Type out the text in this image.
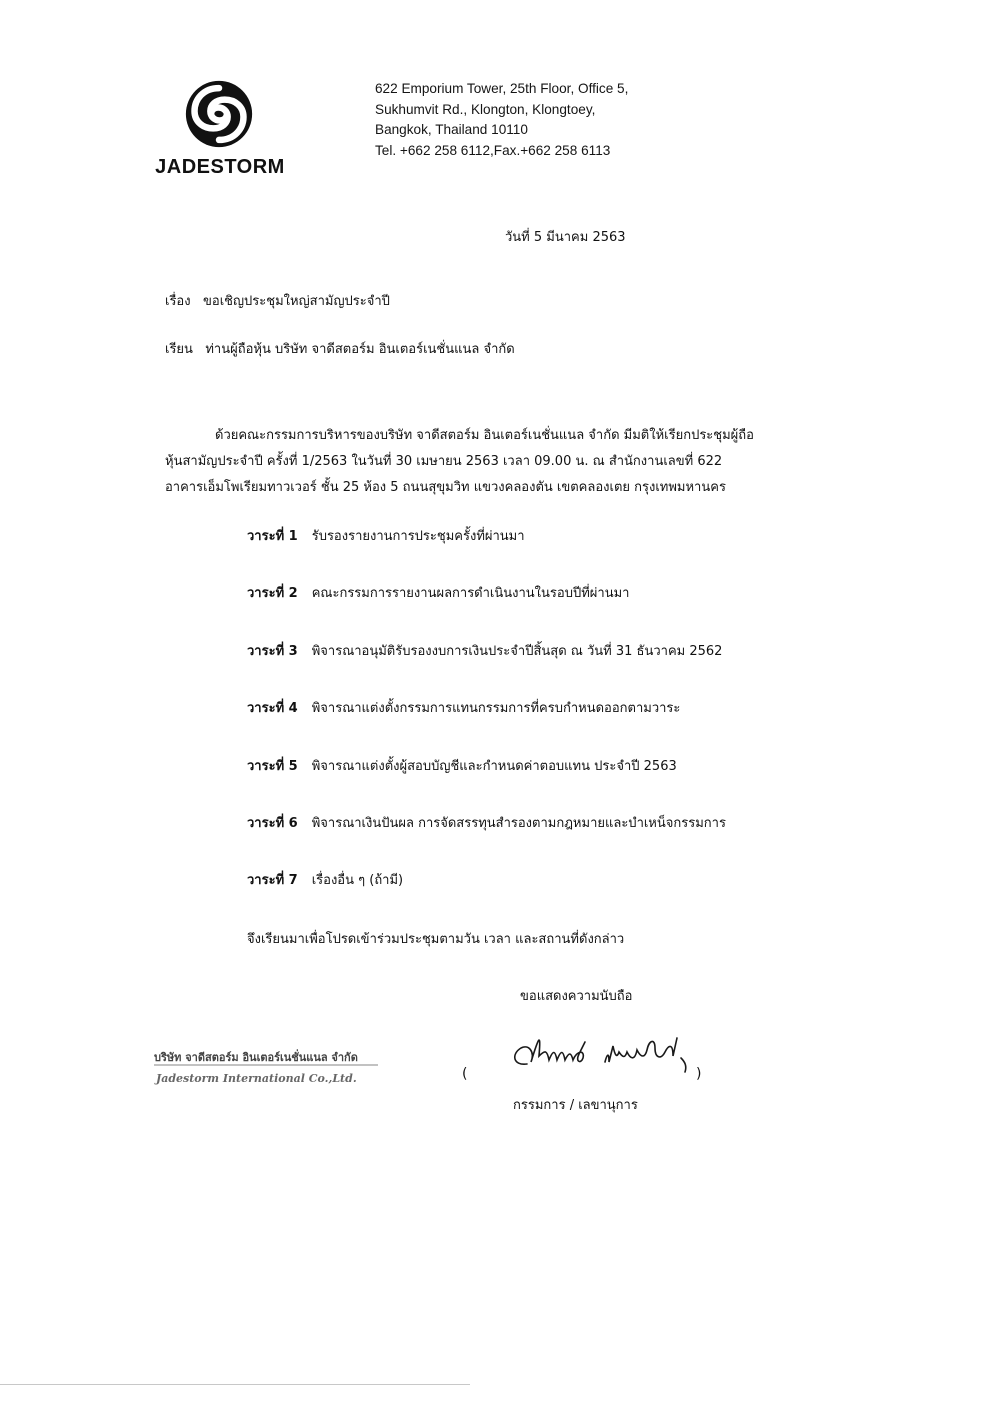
JADESTORM
622 Emporium Tower, 25th Floor, Office 5,
Sukhumvit Rd., Klongton, Klongtoey,
Bangkok, Thailand 10110
Tel. +662 258 6112,Fax.+662 258 6113
วันที่ 5 มีนาคม 2563
เรื่อง ขอเชิญประชุมใหญ่สามัญประจำปี
เรียน ท่านผู้ถือหุ้น บริษัท จาดีสตอร์ม อินเตอร์เนชั่นแนล จำกัด
ด้วยคณะกรรมการบริหารของบริษัท จาดีสตอร์ม อินเตอร์เนชั่นแนล จำกัด มีมติให้เรียกประชุมผู้ถือ
หุ้นสามัญประจำปี ครั้งที่ 1/2563 ในวันที่ 30 เมษายน 2563 เวลา 09.00 น. ณ สำนักงานเลขที่ 622
อาคารเอ็มโพเรียมทาวเวอร์ ชั้น 25 ห้อง 5 ถนนสุขุมวิท แขวงคลองตัน เขตคลองเตย กรุงเทพมหานคร
วาระที่ 1 รับรองรายงานการประชุมครั้งที่ผ่านมา
วาระที่ 2 คณะกรรมการรายงานผลการดำเนินงานในรอบปีที่ผ่านมา
วาระที่ 3 พิจารณาอนุมัติรับรองงบการเงินประจำปีสิ้นสุด ณ วันที่ 31 ธันวาคม 2562
วาระที่ 4 พิจารณาแต่งตั้งกรรมการแทนกรรมการที่ครบกำหนดออกตามวาระ
วาระที่ 5 พิจารณาแต่งตั้งผู้สอบบัญชีและกำหนดค่าตอบแทน ประจำปี 2563
วาระที่ 6 พิจารณาเงินปันผล การจัดสรรทุนสำรองตามกฎหมายและบำเหน็จกรรมการ
วาระที่ 7 เรื่องอื่น ๆ (ถ้ามี)
จึงเรียนมาเพื่อโปรดเข้าร่วมประชุมตามวัน เวลา และสถานที่ดังกล่าว
ขอแสดงความนับถือ
บริษัท จาดีสตอร์ม อินเตอร์เนชั่นแนล จำกัด
Jadestorm International Co.,Ltd.	(	)
กรรมการ / เลขานุการ
